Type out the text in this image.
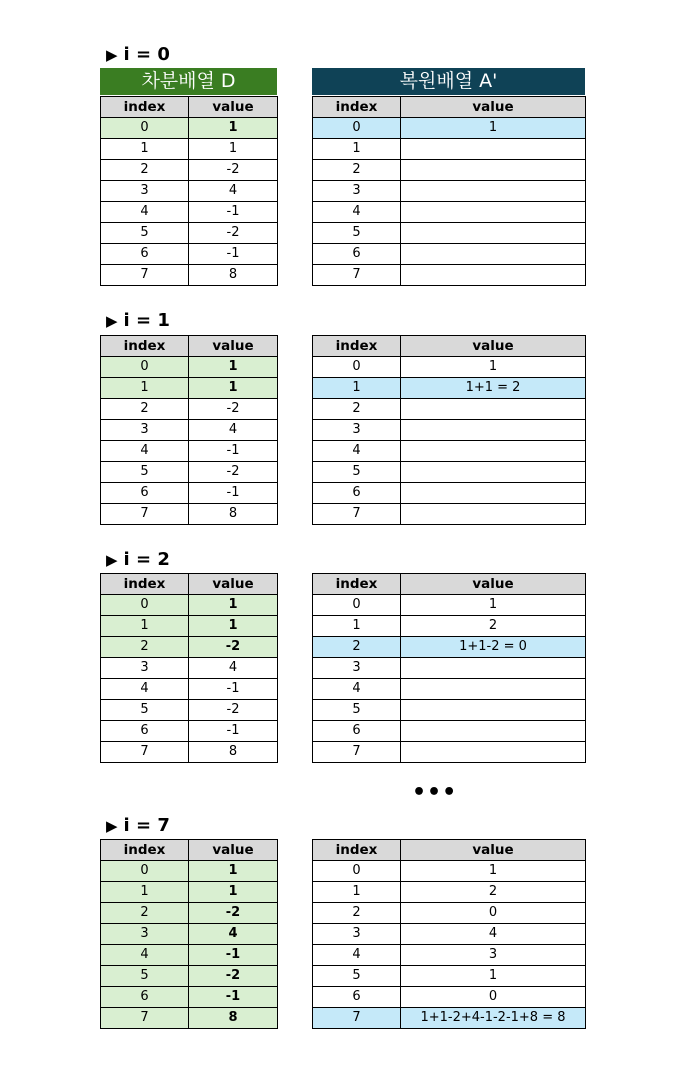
▶ i = 0
차분배열 D	복원배열 A'
index	value
0	1
1	1
2	-2
3	4
4	-1
5	-2
6	-1
7	8
index	value
0	1
1	
2	
3	
4	
5	
6	
7	
▶ i = 1
index	value
0	1
1	1
2	-2
3	4
4	-1
5	-2
6	-1
7	8
index	value
0	1
1	1+1 = 2
2	
3	
4	
5	
6	
7	
▶ i = 2
index	value
0	1
1	1
2	-2
3	4
4	-1
5	-2
6	-1
7	8
index	value
0	1
1	2
2	1+1-2 = 0
3	
4	
5	
6	
7	
•••
▶ i = 7
index	value
0	1
1	1
2	-2
3	4
4	-1
5	-2
6	-1
7	8
index	value
0	1
1	2
2	0
3	4
4	3
5	1
6	0
7	1+1-2+4-1-2-1+8 = 8
